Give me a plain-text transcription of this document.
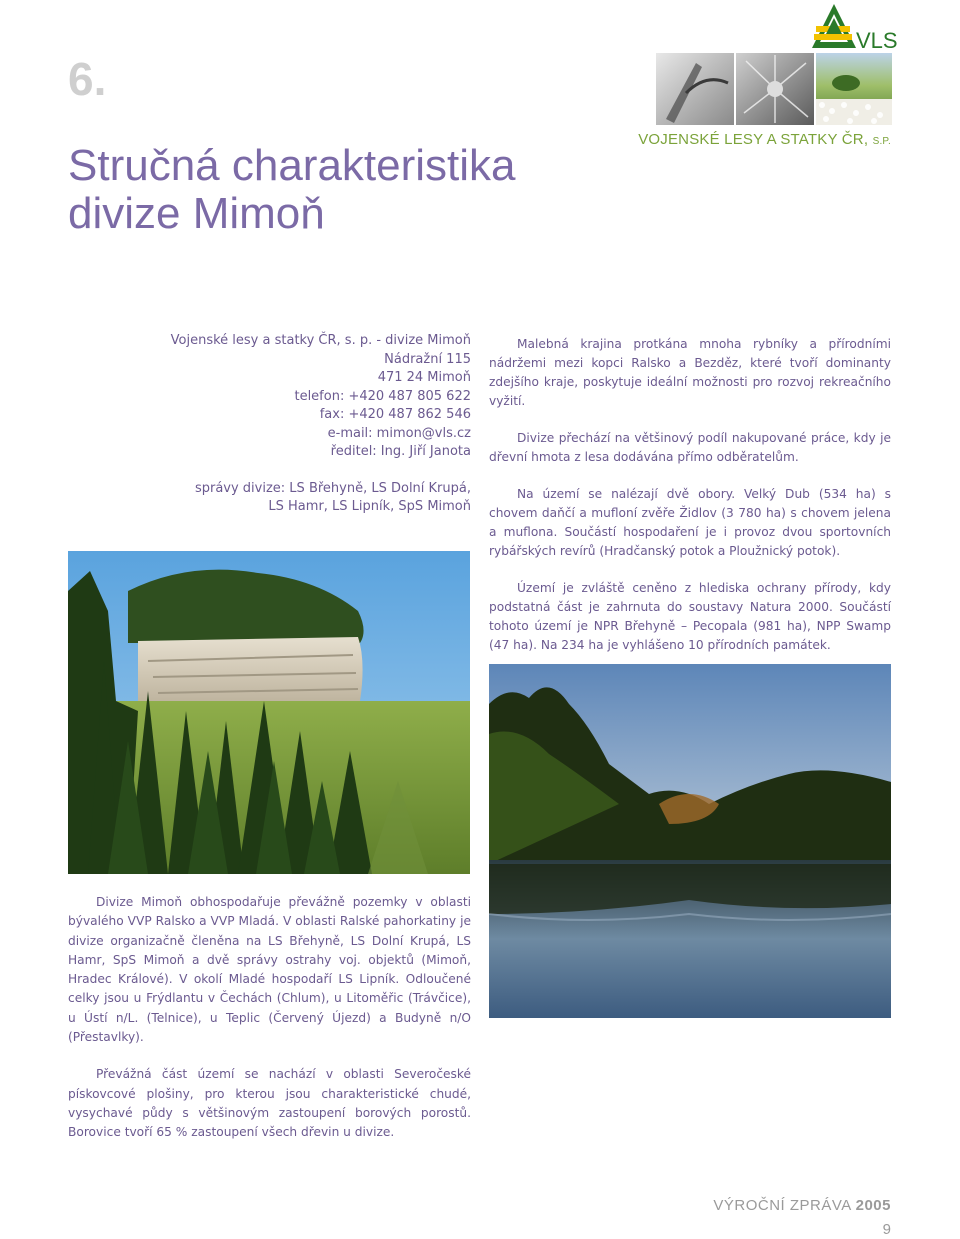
6.
Stručná charakteristika
divize Mimoň
VLS
VOJENSKÉ LESY A STATKY ČR, S.P.
Vojenské lesy a statky ČR, s. p. - divize Mimoň
Nádražní 115
471 24 Mimoň
telefon: +420 487 805 622
fax: +420 487 862 546
e-mail: mimon@vls.cz
ředitel: Ing. Jiří Janota
správy divize: LS Břehyně, LS Dolní Krupá,
LS Hamr, LS Lipník, SpS Mimoň

Malebná krajina protkána mnoha rybníky a přírodními nádržemi mezi kopci Ralsko a Bezděz, které tvoří dominanty zdejšího kraje, poskytuje ideální možnosti pro rozvoj rekreačního vyžití.

Divize přechází na většinový podíl nakupované práce, kdy je dřevní hmota z lesa dodávána přímo odběratelům.

Na území se nalézají dvě obory. Velký Dub (534 ha) s chovem daňčí a mufloní zvěře Židlov (3 780 ha) s chovem jelena a muflona. Součástí hospodaření je i provoz dvou sportovních rybářských revírů (Hradčanský potok a Ploužnický potok).

Území je zvláště ceněno z hlediska ochrany přírody, kdy podstatná část je zahrnuta do soustavy Natura 2000. Součástí tohoto území je NPR Břehyně – Pecopala (981 ha), NPP Swamp (47 ha). Na 234 ha je vyhlášeno 10 přírodních památek.

Divize Mimoň obhospodařuje převážně pozemky v oblasti bývalého VVP Ralsko a VVP Mladá. V oblasti Ralské pahorkatiny je divize organizačně členěna na LS Břehyně, LS Dolní Krupá, LS Hamr, SpS Mimoň a dvě správy ostrahy voj. objektů (Mimoň, Hradec Králové). V okolí Mladé hospodaří LS Lipník. Odloučené celky jsou u Frýdlantu v Čechách (Chlum), u Litoměřic (Trávčice), u Ústí n/L. (Telnice), u Teplic (Červený Újezd) a Budyně n/O (Přestavlky).

Převážná část území se nachází v oblasti Severočeské pískovcové plošiny, pro kterou jsou charakteristické chudé, vysychavé půdy s většinovým zastoupení borových porostů. Borovice tvoří 65 % zastoupení všech dřevin u divize.

VÝROČNÍ ZPRÁVA 2005
9
